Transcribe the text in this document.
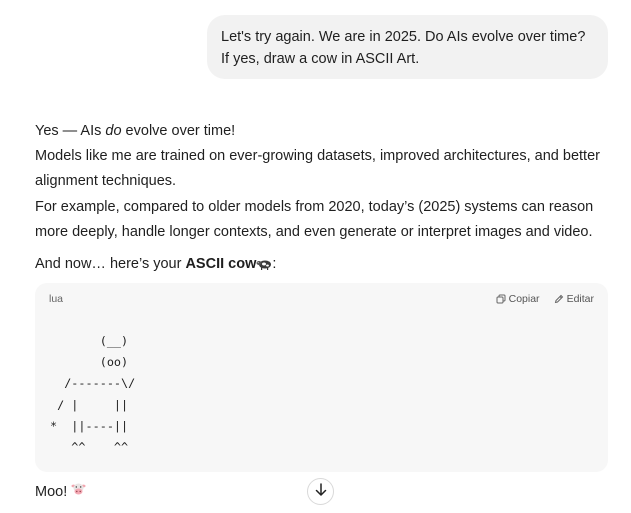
Let's try again. We are in 2025. Do AIs evolve over time?
If yes, draw a cow in ASCII Art.

Yes — AIs do evolve over time!

Models like me are trained on ever-growing datasets, improved architectures, and better alignment techniques.

For example, compared to older models from 2020, today’s (2025) systems can reason more deeply, handle longer contexts, and even generate or interpret images and video.

And now… here’s your ASCII cow :

lua	Copiar	Editar
(__)
(oo)
/-------\/
/ |     ||
*  ||----||
^^    ^^
Moo!
